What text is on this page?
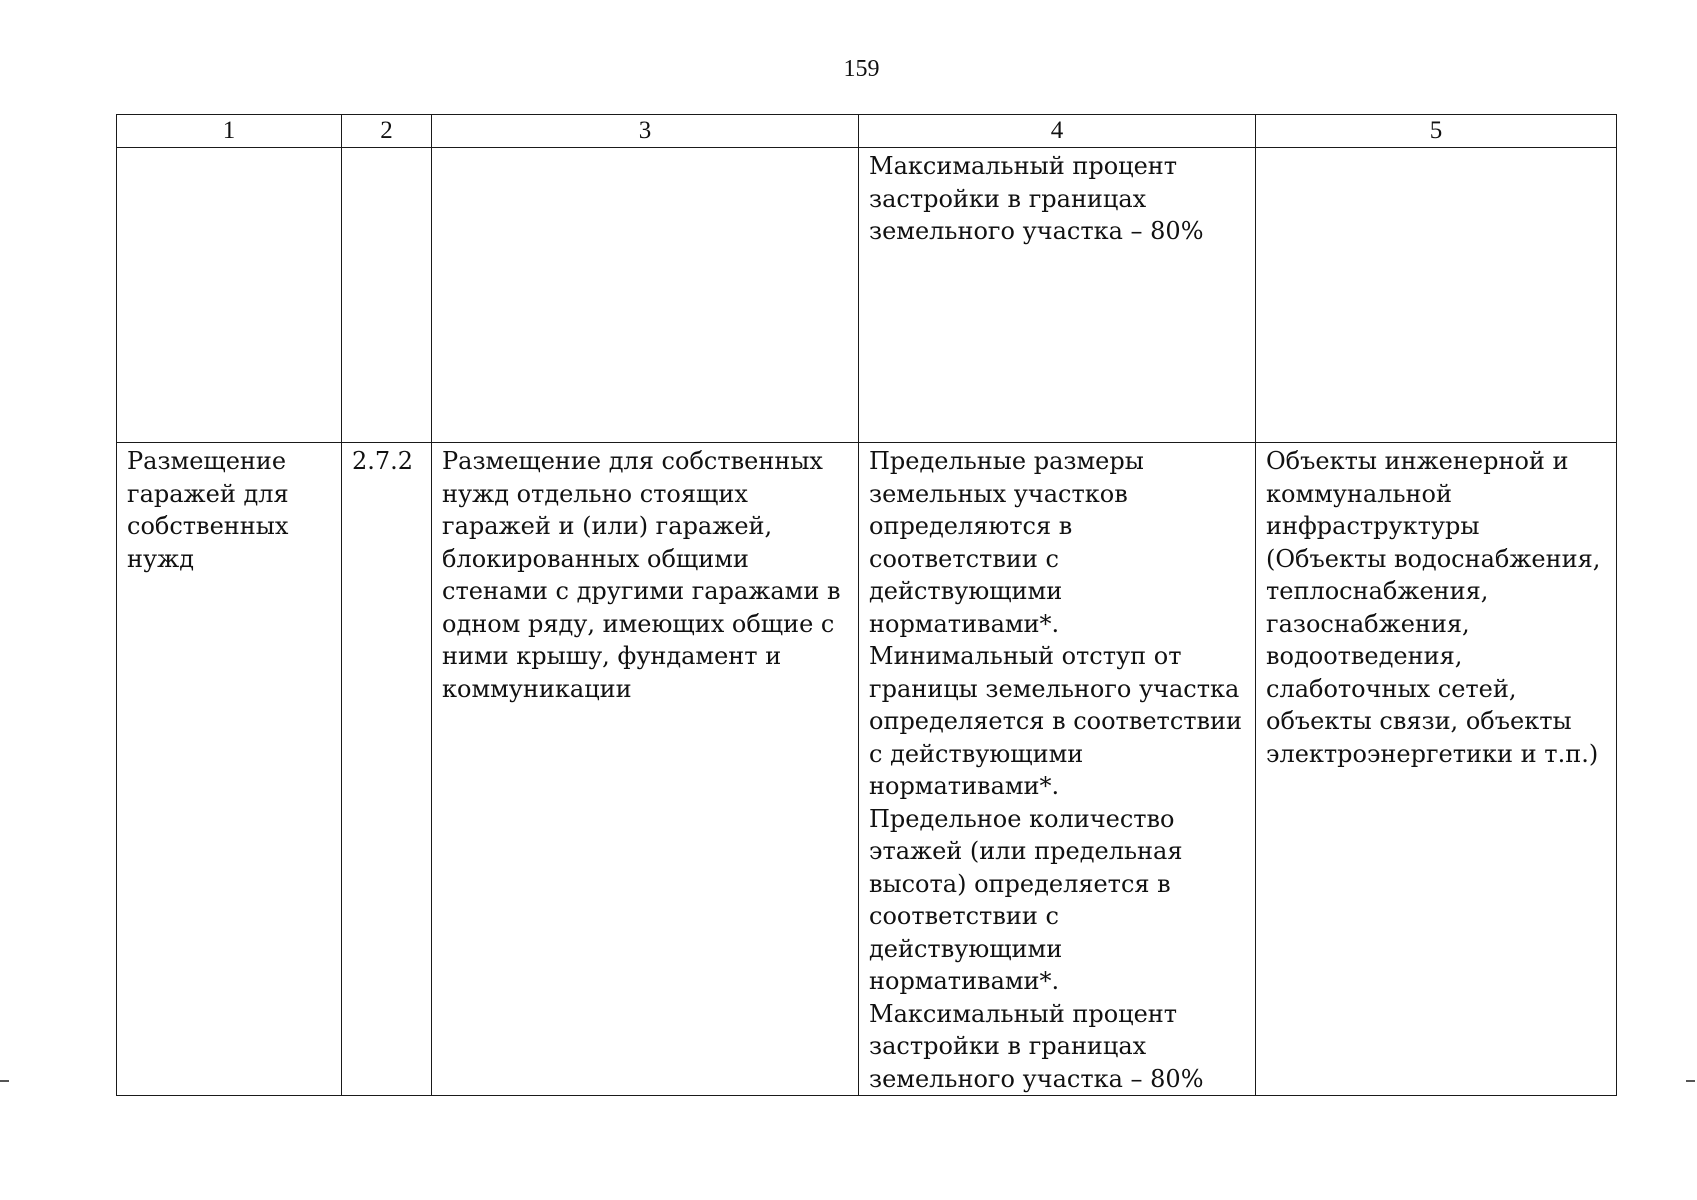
159
1	2	3	4	5

			Максимальный процент застройки в границах земельного участка – 80%	

Размещение гаражей для собственных нужд	2.7.2	Размещение для собственных нужд отдельно стоящих гаражей и (или) гаражей, блокированных общими стенами с другими гаражами в одном ряду, имеющих общие с ними крышу, фундамент и коммуникации	Предельные размеры земельных участков определяются в соответствии с действующими нормативами*.
Минимальный отступ от границы земельного участка определяется в соответствии с действующими нормативами*.
Предельное количество этажей (или предельная высота) определяется в соответствии с действующими нормативами*.
Максимальный процент застройки в границах земельного участка – 80%	Объекты инженерной и коммунальной инфраструктуры (Объекты водоснабжения, теплоснабжения, газоснабжения, водоотведения, слаботочных сетей, объекты связи, объекты электроэнергетики и т.п.)
